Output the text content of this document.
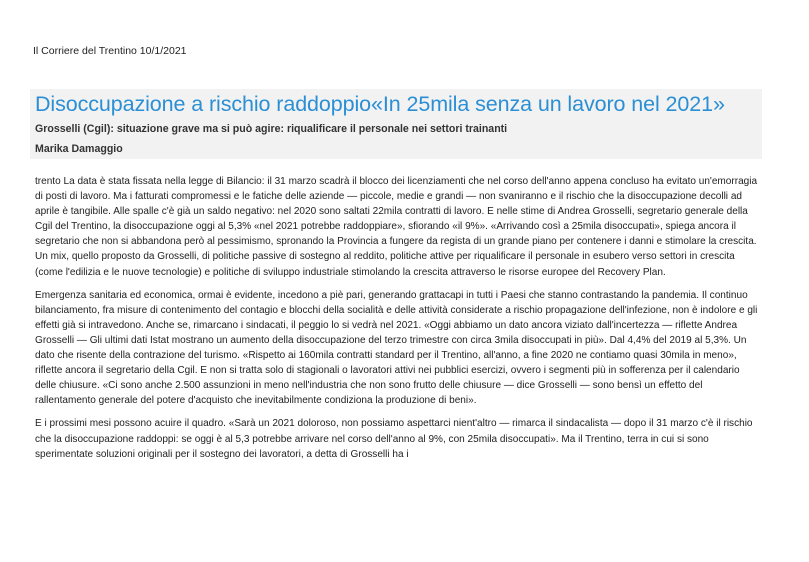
Il Corriere del Trentino 10/1/2021
Disoccupazione a rischio raddoppio«In 25mila senza un lavoro nel 2021»
Grosselli (Cgil): situazione grave ma si può agire: riqualificare il personale nei settori trainanti
Marika Damaggio

trento La data è stata fissata nella legge di Bilancio: il 31 marzo scadrà il blocco dei licenziamenti che nel corso dell'anno appena concluso ha evitato un'emorragia di posti di lavoro. Ma i fatturati compromessi e le fatiche delle aziende — piccole, medie e grandi — non svaniranno e il rischio che la disoccupazione decolli ad aprile è tangibile. Alle spalle c'è già un saldo negativo: nel 2020 sono saltati 22mila contratti di lavoro. E nelle stime di Andrea Grosselli, segretario generale della Cgil del Trentino, la disoccupazione oggi al 5,3% «nel 2021 potrebbe raddoppiare», sfiorando «il 9%». «Arrivando così a 25mila disoccupati», spiega ancora il segretario che non si abbandona però al pessimismo, spronando la Provincia a fungere da regista di un grande piano per contenere i danni e stimolare la crescita. Un mix, quello proposto da Grosselli, di politiche passive di sostegno al reddito, politiche attive per riqualificare il personale in esubero verso settori in crescita (come l'edilizia e le nuove tecnologie) e politiche di sviluppo industriale stimolando la crescita attraverso le risorse europee del Recovery Plan.

Emergenza sanitaria ed economica, ormai è evidente, incedono a piè pari, generando grattacapi in tutti i Paesi che stanno contrastando la pandemia. Il continuo bilanciamento, fra misure di contenimento del contagio e blocchi della socialità e delle attività considerate a rischio propagazione dell'infezione, non è indolore e gli effetti già si intravedono. Anche se, rimarcano i sindacati, il peggio lo si vedrà nel 2021. «Oggi abbiamo un dato ancora viziato dall'incertezza — riflette Andrea Grosselli — Gli ultimi dati Istat mostrano un aumento della disoccupazione del terzo trimestre con circa 3mila disoccupati in più». Dal 4,4% del 2019 al 5,3%. Un dato che risente della contrazione del turismo. «Rispetto ai 160mila contratti standard per il Trentino, all'anno, a fine 2020 ne contiamo quasi 30mila in meno», riflette ancora il segretario della Cgil. E non si tratta solo di stagionali o lavoratori attivi nei pubblici esercizi, ovvero i segmenti più in sofferenza per il calendario delle chiusure. «Ci sono anche 2.500 assunzioni in meno nell'industria che non sono frutto delle chiusure — dice Grosselli — sono bensì un effetto del rallentamento generale del potere d'acquisto che inevitabilmente condiziona la produzione di beni».

E i prossimi mesi possono acuire il quadro. «Sarà un 2021 doloroso, non possiamo aspettarci nient'altro — rimarca il sindacalista — dopo il 31 marzo c'è il rischio che la disoccupazione raddoppi: se oggi è al 5,3 potrebbe arrivare nel corso dell'anno al 9%, con 25mila disoccupati». Ma il Trentino, terra in cui si sono sperimentate soluzioni originali per il sostegno dei lavoratori, a detta di Grosselli ha i
